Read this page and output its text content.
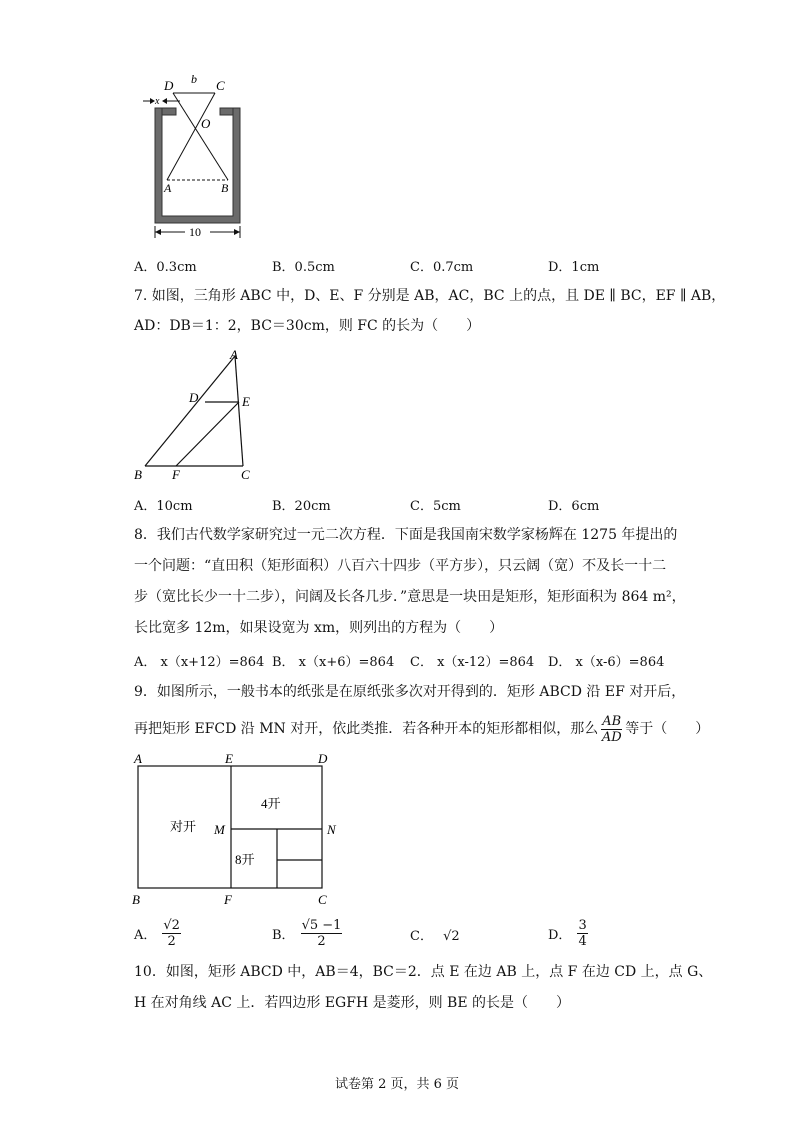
D b C
O
A	B
x
10
A．0.3cm	B．0.5cm	C．0.7cm	D．1cm
7. 如图，三角形 ABC 中，D、E、F 分别是 AB，AC，BC 上的点，且 DE ∥ BC，EF ∥ AB，
AD：DB＝1：2，BC＝30cm，则 FC 的长为（　　）
A
D	E
B F	C
A．10cm	B．20cm	C．5cm	D．6cm
8．我们古代数学家研究过一元二次方程．下面是我国南宋数学家杨辉在 1275 年提出的
一个问题：“直田积（矩形面积）八百六十四步（平方步），只云阔（宽）不及长一十二
步（宽比长少一十二步），问阔及长各几步．”意思是一块田是矩形，矩形面积为 864 m²，
长比宽多 12m，如果设宽为 xm，则列出的方程为（　　）
A． x（x+12）=864 B． x（x+6）=864 C． x（x-12）=864 D． x（x-6）=864
9．如图所示，一般书本的纸张是在原纸张多次对开得到的．矩形 ABCD 沿 EF 对开后，
再把矩形 EFCD 沿 MN 对开，依此类推．若各种开本的矩形都相似，那么 $\frac{AB}{AD}$ 等于（　　）
A	E	D
M	N
B	F	C
对开
4开
8开
A． $\frac{√2}{2}$	B． $\frac{√5 -1}{2}$	C． √2	D． $\frac{3}{4}$
10．如图，矩形 ABCD 中，AB＝4，BC＝2．点 E 在边 AB 上，点 F 在边 CD 上，点 G、
H 在对角线 AC 上．若四边形 EGFH 是菱形，则 BE 的长是（　　）
试卷第 2 页，共 6 页
